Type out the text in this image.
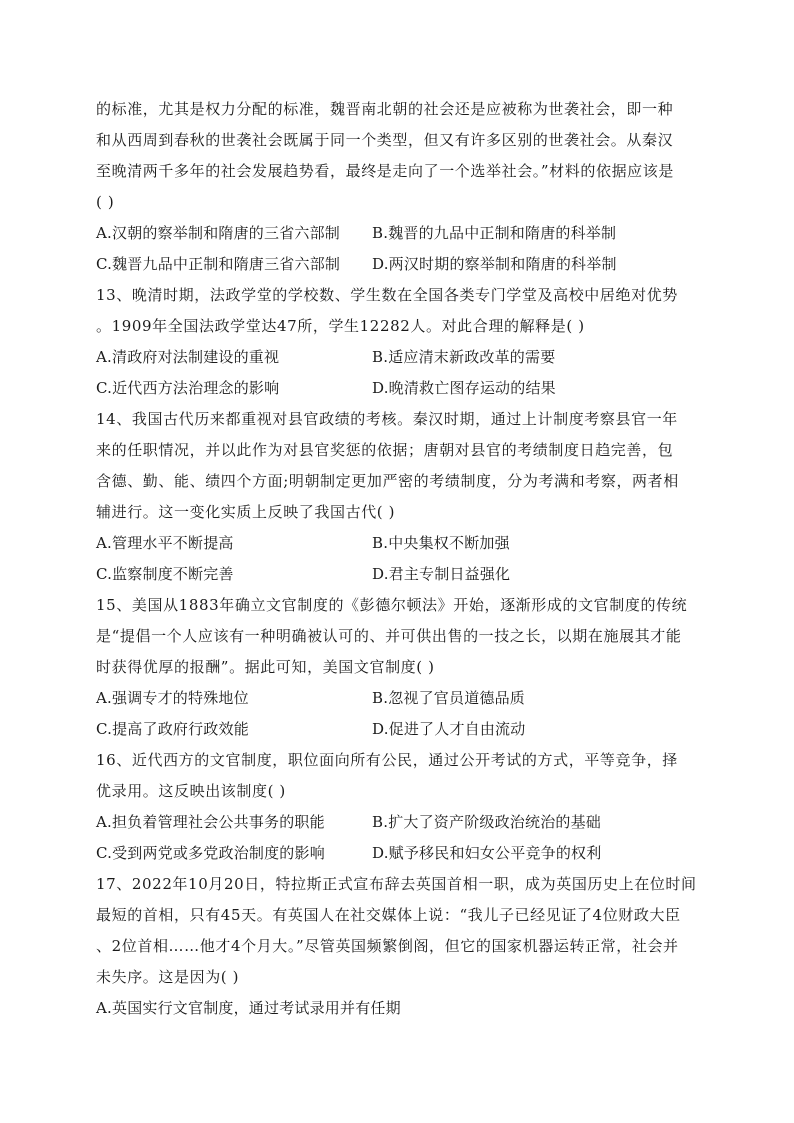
的标准，尤其是权力分配的标准，魏晋南北朝的社会还是应被称为世袭社会，即一种
和从西周到春秋的世袭社会既属于同一个类型，但又有许多区别的世袭社会。从秦汉
至晚清两千多年的社会发展趋势看，最终是走向了一个选举社会。”材料的依据应该是
( )
A.汉朝的察举制和隋唐的三省六部制	B.魏晋的九品中正制和隋唐的科举制
C.魏晋九品中正制和隋唐三省六部制	D.两汉时期的察举制和隋唐的科举制
13、晚清时期，法政学堂的学校数、学生数在全国各类专门学堂及高校中居绝对优势
。1909年全国法政学堂达47所，学生12282人。对此合理的解释是( )
A.清政府对法制建设的重视	B.适应清末新政改革的需要
C.近代西方法治理念的影响	D.晚清救亡图存运动的结果
14、我国古代历来都重视对县官政绩的考核。秦汉时期，通过上计制度考察县官一年
来的任职情况，并以此作为对县官奖惩的依据；唐朝对县官的考绩制度日趋完善，包
含德、勤、能、绩四个方面;明朝制定更加严密的考绩制度，分为考满和考察，两者相
辅进行。这一变化实质上反映了我国古代( )
A.管理水平不断提高	B.中央集权不断加强
C.监察制度不断完善	D.君主专制日益强化
15、美国从1883年确立文官制度的《彭德尔顿法》开始，逐渐形成的文官制度的传统
是“提倡一个人应该有一种明确被认可的、并可供出售的一技之长，以期在施展其才能
时获得优厚的报酬”。据此可知，美国文官制度( )
A.强调专才的特殊地位	B.忽视了官员道德品质
C.提高了政府行政效能	D.促进了人才自由流动
16、近代西方的文官制度，职位面向所有公民，通过公开考试的方式，平等竞争，择
优录用。这反映出该制度( )
A.担负着管理社会公共事务的职能	B.扩大了资产阶级政治统治的基础
C.受到两党或多党政治制度的影响	D.赋予移民和妇女公平竞争的权利
17、2022年10月20日，特拉斯正式宣布辞去英国首相一职，成为英国历史上在位时间
最短的首相，只有45天。有英国人在社交媒体上说：“我儿子已经见证了4位财政大臣
、2位首相……他才4个月大。”尽管英国频繁倒阁，但它的国家机器运转正常，社会并
未失序。这是因为( )
A.英国实行文官制度，通过考试录用并有任期
